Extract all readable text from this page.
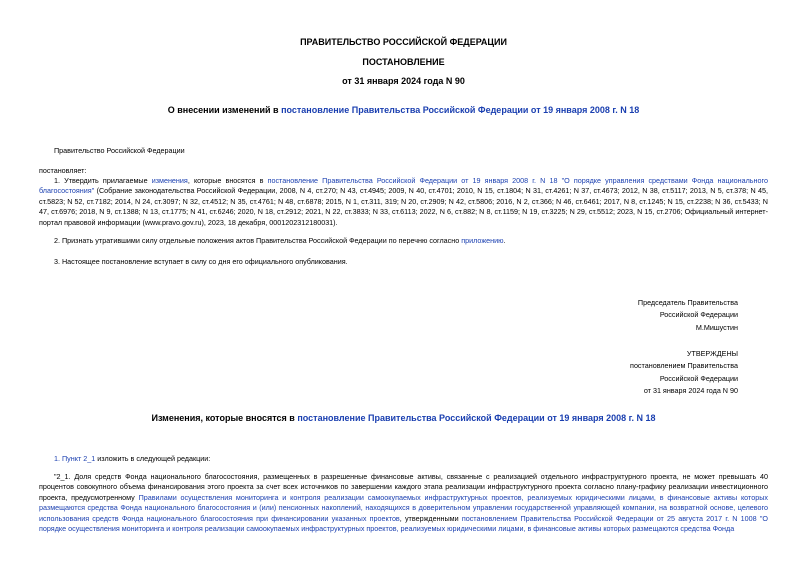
ПРАВИТЕЛЬСТВО РОССИЙСКОЙ ФЕДЕРАЦИИ
ПОСТАНОВЛЕНИЕ
от 31 января 2024 года N 90
О внесении изменений в постановление Правительства Российской Федерации от 19 января 2008 г. N 18
Правительство Российской Федерации
постановляет:
1. Утвердить прилагаемые изменения, которые вносятся в постановление Правительства Российской Федерации от 19 января 2008 г. N 18 "О порядке управления средствами Фонда национального благосостояния" (Собрание законодательства Российской Федерации, 2008, N 4, ст.270; N 43, ст.4945; 2009, N 40, ст.4701; 2010, N 15, ст.1804; N 31, ст.4261; N 37, ст.4673; 2012, N 38, ст.5117; 2013, N 5, ст.378; N 45, ст.5823; N 52, ст.7182; 2014, N 24, ст.3097; N 32, ст.4512; N 35, ст.4761; N 48, ст.6878; 2015, N 1, ст.311, 319; N 20, ст.2909; N 42, ст.5806; 2016, N 2, ст.366; N 46, ст.6461; 2017, N 8, ст.1245; N 15, ст.2238; N 36, ст.5433; N 47, ст.6976; 2018, N 9, ст.1388; N 13, ст.1775; N 41, ст.6246; 2020, N 18, ст.2912; 2021, N 22, ст.3833; N 33, ст.6113; 2022, N 6, ст.882; N 8, ст.1159; N 19, ст.3225; N 29, ст.5512; 2023, N 15, ст.2706; Официальный интернет-портал правовой информации (www.pravo.gov.ru), 2023, 18 декабря, 0001202312180031).
2. Признать утратившими силу отдельные положения актов Правительства Российской Федерации по перечню согласно приложению.
3. Настоящее постановление вступает в силу со дня его официального опубликования.
Председатель Правительства
Российской Федерации
М.Мишустин
УТВЕРЖДЕНЫ
постановлением Правительства
Российской Федерации
от 31 января 2024 года N 90
Изменения, которые вносятся в постановление Правительства Российской Федерации от 19 января 2008 г. N 18
1. Пункт 2_1 изложить в следующей редакции:
"2_1. Доля средств Фонда национального благосостояния, размещенных в разрешенные финансовые активы, связанные с реализацией отдельного инфраструктурного проекта, не может превышать 40 процентов совокупного объема финансирования этого проекта за счет всех источников по завершении каждого этапа реализации инфраструктурного проекта согласно плану-графику реализации инвестиционного проекта, предусмотренному Правилами осуществления мониторинга и контроля реализации самоокупаемых инфраструктурных проектов, реализуемых юридическими лицами, в финансовые активы которых размещаются средства Фонда национального благосостояния и (или) пенсионных накоплений, находящихся в доверительном управлении государственной управляющей компании, на возвратной основе, целевого использования средств Фонда национального благосостояния при финансировании указанных проектов, утвержденными постановлением Правительства Российской Федерации от 25 августа 2017 г. N 1008 "О порядке осуществления мониторинга и контроля реализации самоокупаемых инфраструктурных проектов, реализуемых юридическими лицами, в финансовые активы которых размещаются средства Фонда
